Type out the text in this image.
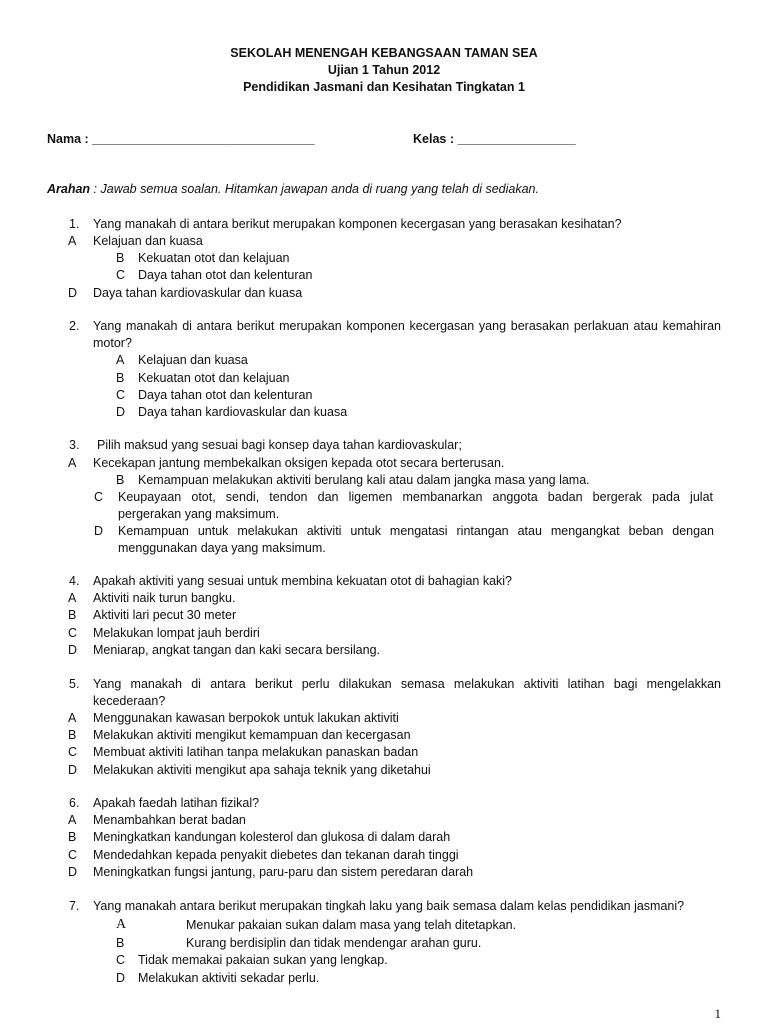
SEKOLAH MENENGAH KEBANGSAAN TAMAN SEA
Ujian 1 Tahun 2012
Pendidikan Jasmani dan Kesihatan Tingkatan 1
Nama : ________________________________	Kelas : _________________
Arahan : Jawab semua soalan. Hitamkan jawapan anda di ruang yang telah di sediakan.
1. Yang manakah di antara berikut merupakan komponen kecergasan yang berasakan kesihatan?
A Kelajuan dan kuasa
B Kekuatan otot dan kelajuan
C Daya tahan otot dan kelenturan
D Daya tahan kardiovaskular dan kuasa
2. Yang manakah di antara berikut merupakan komponen kecergasan yang berasakan perlakuan atau kemahiran
motor?
A Kelajuan dan kuasa
B Kekuatan otot dan kelajuan
C Daya tahan otot dan kelenturan
D Daya tahan kardiovaskular dan kuasa
3. Pilih maksud yang sesuai bagi konsep daya tahan kardiovaskular;
A Kecekapan jantung membekalkan oksigen kepada otot secara berterusan.
B Kemampuan melakukan aktiviti berulang kali atau dalam jangka masa yang lama.
C Keupayaan otot, sendi, tendon dan ligemen membanarkan anggota badan bergerak pada julat
pergerakan yang maksimum.
D Kemampuan untuk melakukan aktiviti untuk mengatasi rintangan atau mengangkat beban dengan
menggunakan daya yang maksimum.
4. Apakah aktiviti yang sesuai untuk membina kekuatan otot di bahagian kaki?
A Aktiviti naik turun bangku.
B Aktiviti lari pecut 30 meter
C Melakukan lompat jauh berdiri
D Meniarap, angkat tangan dan kaki secara bersilang.
5. Yang manakah di antara berikut perlu dilakukan semasa melakukan aktiviti latihan bagi mengelakkan
kecederaan?
A Menggunakan kawasan berpokok untuk lakukan aktiviti
B Melakukan aktiviti mengikut kemampuan dan kecergasan
C Membuat aktiviti latihan tanpa melakukan panaskan badan
D Melakukan aktiviti mengikut apa sahaja teknik yang diketahui
6. Apakah faedah latihan fizikal?
A Menambahkan berat badan
B Meningkatkan kandungan kolesterol dan glukosa di dalam darah
C Mendedahkan kepada penyakit diebetes dan tekanan darah tinggi
D Meningkatkan fungsi jantung, paru-paru dan sistem peredaran darah
7. Yang manakah antara berikut merupakan tingkah laku yang baik semasa dalam kelas pendidikan jasmani?
A	Menukar pakaian sukan dalam masa yang telah ditetapkan.
B	Kurang berdisiplin dan tidak mendengar arahan guru.
C Tidak memakai pakaian sukan yang lengkap.
D Melakukan aktiviti sekadar perlu.
1
